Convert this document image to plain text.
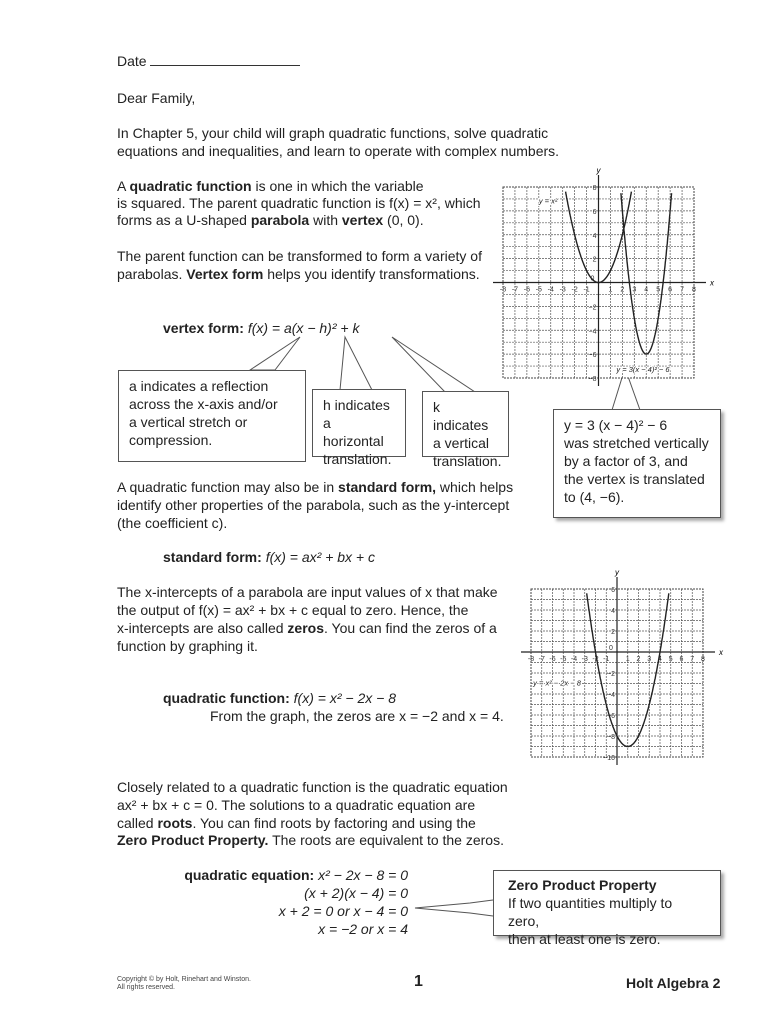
Date
Dear Family,
In Chapter 5, your child will graph quadratic functions, solve quadratic
equations and inequalities, and learn to operate with complex numbers.
A quadratic function is one in which the variable
is squared. The parent quadratic function is f(x) = x², which
forms as a U-shaped parabola with vertex (0, 0).
The parent function can be transformed to form a variety of
parabolas. Vertex form helps you identify transformations.
vertex form: f(x) = a(x − h)² + k
a indicates a reflection
across the x-axis and/or
a vertical stretch or
compression.
h indicates
a horizontal
translation.
k indicates
a vertical
translation.
y = 3 (x − 4)² − 6
was stretched vertically
by a factor of 3, and
the vertex is translated
to (4, −6).
A quadratic function may also be in standard form, which helps
identify other properties of the parabola, such as the y-intercept
(the coefficient c).
standard form: f(x) = ax² + bx + c
The x-intercepts of a parabola are input values of x that make
the output of f(x) = ax² + bx + c equal to zero. Hence, the
x-intercepts are also called zeros. You can find the zeros of a
function by graphing it.
quadratic function: f(x) = x² − 2x − 8
From the graph, the zeros are x = −2 and x = 4.
Closely related to a quadratic function is the quadratic equation
ax² + bx + c = 0. The solutions to a quadratic equation are
called roots. You can find roots by factoring and using the
Zero Product Property. The roots are equivalent to the zeros.
quadratic equation: x² − 2x − 8 = 0
(x + 2)(x − 4) = 0
x + 2 = 0 or x − 4 = 0
x = −2 or x = 4
Zero Product Property
If two quantities multiply to zero,
then at least one is zero.
Copyright © by Holt, Rinehart and Winston.
All rights reserved.	1	Holt Algebra 2
x
y
-8 -7 -6 -5 -4 -3 -2 -1
0
1 2 3 4 5 6 7 8
8
6
4
2
−2
−4
−6
−8
y = x²
y = 3(x − 4)² − 6
x
y
-8 -7 -6 -5 -4 -3 -2 -1
0
1 2 3 4 5 6 7 8
6
4
2
−2
−4
−6
−8
−10
y = x² − 2x − 8
